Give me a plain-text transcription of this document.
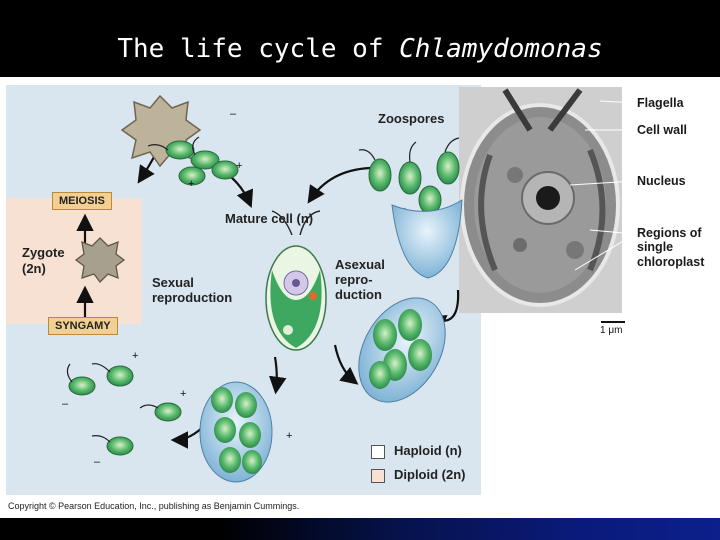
The life cycle of Chlamydomonas
MEIOSIS
SYNGAMY
Zygote
(2n)
Mature cell (n)
Sexual
reproduction
Asexual
repro-
duction
Zoospores
–
+
+
+
–
+
–
+
Flagella
Cell wall
Nucleus
Regions of
single
chloroplast
1 μm
Haploid (n)
Diploid (2n)
Copyright © Pearson Education, Inc., publishing as Benjamin Cummings.
